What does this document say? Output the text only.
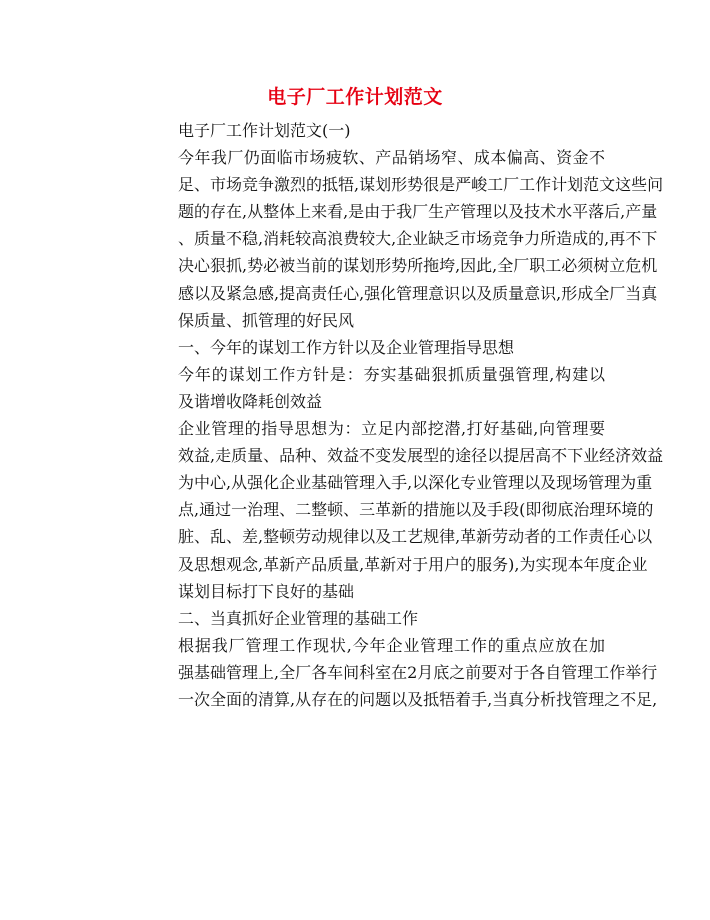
电子厂工作计划范文

电子厂工作计划范文(一)

今年我厂仍面临市场疲软、产品销场窄、成本偏高、资金不
足、市场竞争激烈的抵牾,谋划形势很是严峻工厂工作计划范文这些问
题的存在,从整体上来看,是由于我厂生产管理以及技术水平落后,产量
、质量不稳,消耗较高浪费较大,企业缺乏市场竞争力所造成的,再不下
决心狠抓,势必被当前的谋划形势所拖垮,因此,全厂职工必须树立危机
感以及紧急感,提高责任心,强化管理意识以及质量意识,形成全厂当真
保质量、抓管理的好民风

一、今年的谋划工作方针以及企业管理指导思想

今年的谋划工作方针是：夯实基础狠抓质量强管理,构建以
及谐增收降耗创效益

企业管理的指导思想为：立足内部挖潜,打好基础,向管理要
效益,走质量、品种、效益不变发展型的途径以提居高不下业经济效益
为中心,从强化企业基础管理入手,以深化专业管理以及现场管理为重
点,通过一治理、二整顿、三革新的措施以及手段(即彻底治理环境的
脏、乱、差,整顿劳动规律以及工艺规律,革新劳动者的工作责任心以
及思想观念,革新产品质量,革新对于用户的服务),为实现本年度企业
谋划目标打下良好的基础

二、当真抓好企业管理的基础工作

根据我厂管理工作现状,今年企业管理工作的重点应放在加
强基础管理上,全厂各车间科室在2月底之前要对于各自管理工作举行
一次全面的清算,从存在的问题以及抵牾着手,当真分析找管理之不足,
